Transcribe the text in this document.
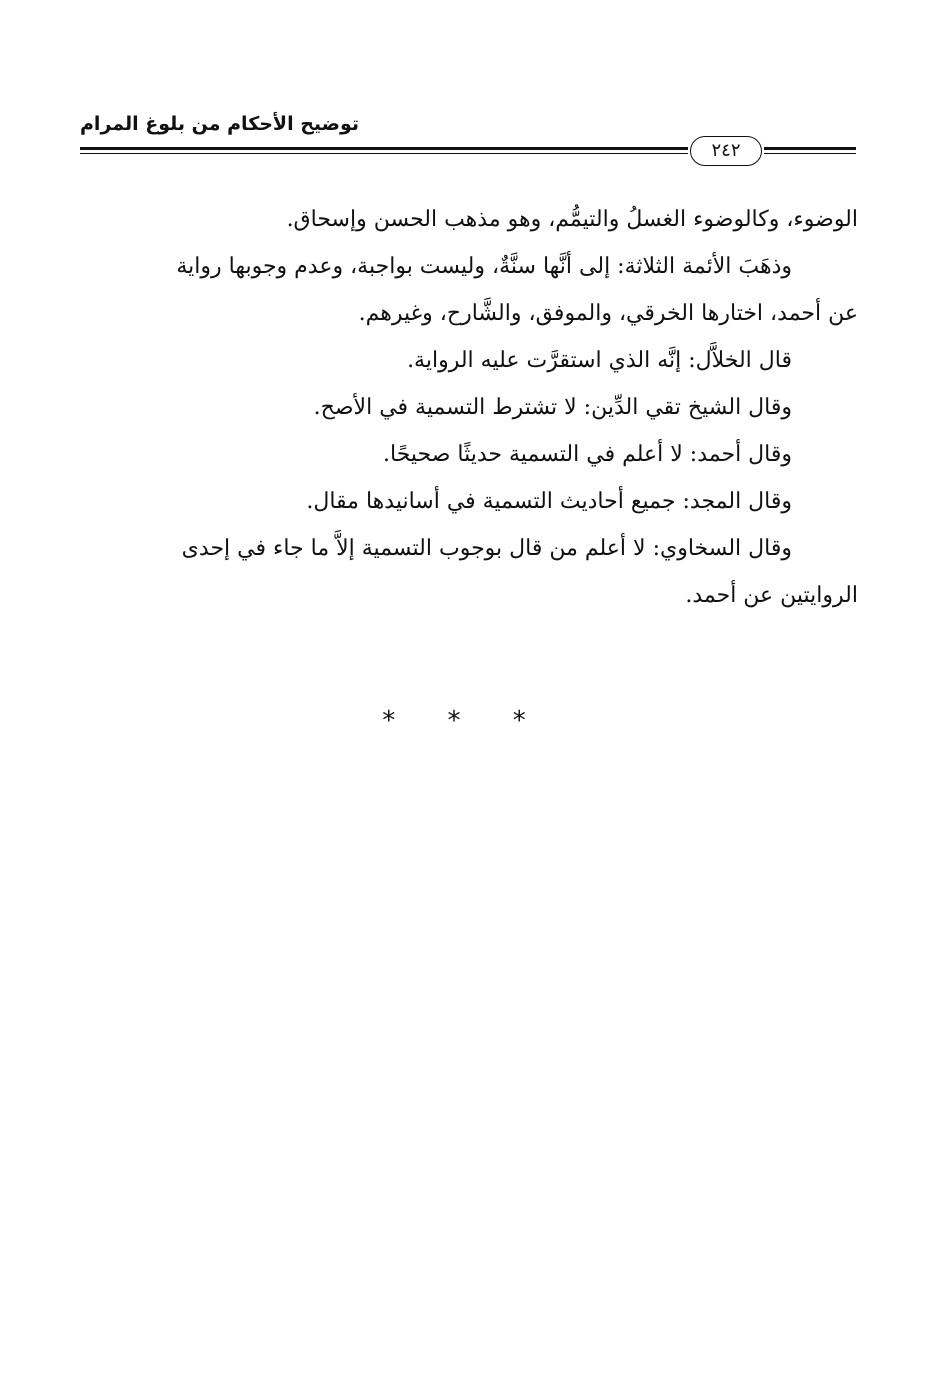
توضيح الأحكام من بلوغ المرام
٢٤٢
الوضوء، وكالوضوء الغسلُ والتيمُّم، وهو مذهب الحسن وإسحاق.
وذهَبَ الأئمة الثلاثة: إلى أنَّها سنَّةٌ، وليست بواجبة، وعدم وجوبها رواية
عن أحمد، اختارها الخرقي، والموفق، والشَّارح، وغيرهم.
قال الخلاَّل: إنَّه الذي استقرَّت عليه الرواية.
وقال الشيخ تقي الدِّين: لا تشترط التسمية في الأصح.
وقال أحمد: لا أعلم في التسمية حديثًا صحيحًا.
وقال المجد: جميع أحاديث التسمية في أسانيدها مقال.
وقال السخاوي: لا أعلم من قال بوجوب التسمية إلاَّ ما جاء في إحدى
الروايتين عن أحمد.
* * *
